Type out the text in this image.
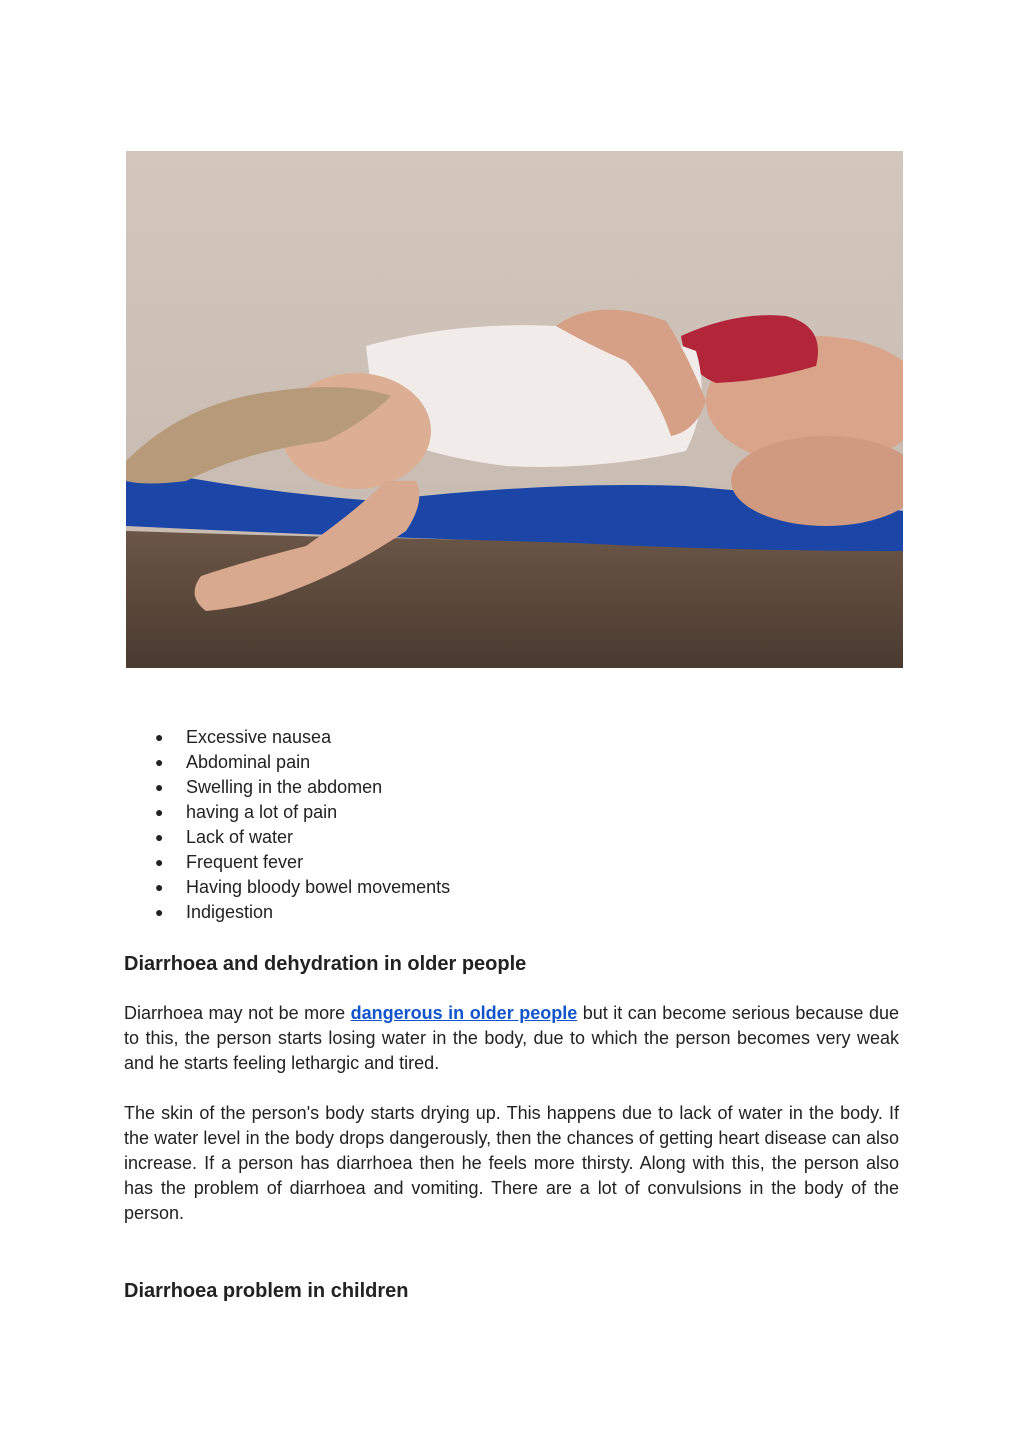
● Excessive nausea
● Abdominal pain
● Swelling in the abdomen
● having a lot of pain
● Lack of water
● Frequent fever
● Having bloody bowel movements
● Indigestion
Diarrhoea and dehydration in older people

Diarrhoea may not be more dangerous in older people but it can become serious because due to this, the person starts losing water in the body, due to which the person becomes very weak and he starts feeling lethargic and tired.

The skin of the person's body starts drying up. This happens due to lack of water in the body. If the water level in the body drops dangerously, then the chances of getting heart disease can also increase. If a person has diarrhoea then he feels more thirsty. Along with this, the person also has the problem of diarrhoea and vomiting. There are a lot of convulsions in the body of the person.

Diarrhoea problem in children
